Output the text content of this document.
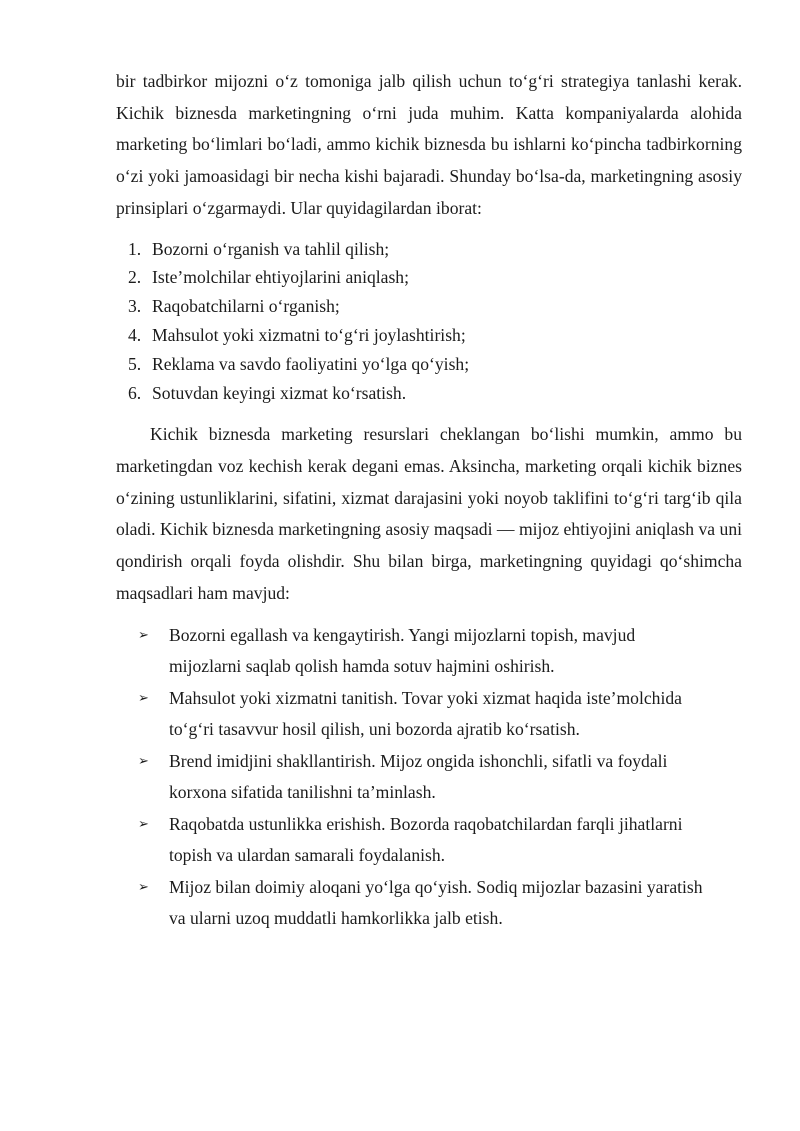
bir tadbirkor mijozni o‘z tomoniga jalb qilish uchun to‘g‘ri strategiya tanlashi kerak. Kichik biznesda marketingning o‘rni juda muhim. Katta kompaniyalarda alohida marketing bo‘limlari bo‘ladi, ammo kichik biznesda bu ishlarni ko‘pincha tadbirkorning o‘zi yoki jamoasidagi bir necha kishi bajaradi. Shunday bo‘lsa-da, marketingning asosiy prinsiplari o‘zgarmaydi. Ular quyidagilardan iborat:

1. Bozorni o‘rganish va tahlil qilish;
2. Iste’molchilar ehtiyojlarini aniqlash;
3. Raqobatchilarni o‘rganish;
4. Mahsulot yoki xizmatni to‘g‘ri joylashtirish;
5. Reklama va savdo faoliyatini yo‘lga qo‘yish;
6. Sotuvdan keyingi xizmat ko‘rsatish.

Kichik biznesda marketing resurslari cheklangan bo‘lishi mumkin, ammo bu marketingdan voz kechish kerak degani emas. Aksincha, marketing orqali kichik biznes o‘zining ustunliklarini, sifatini, xizmat darajasini yoki noyob taklifini to‘g‘ri targ‘ib qila oladi. Kichik biznesda marketingning asosiy maqsadi — mijoz ehtiyojini aniqlash va uni qondirish orqali foyda olishdir. Shu bilan birga, marketingning quyidagi qo‘shimcha maqsadlari ham mavjud:

➢	Bozorni egallash va kengaytirish. Yangi mijozlarni topish, mavjud
mijozlarni saqlab qolish hamda sotuv hajmini oshirish.
➢	Mahsulot yoki xizmatni tanitish. Tovar yoki xizmat haqida iste’molchida
to‘g‘ri tasavvur hosil qilish, uni bozorda ajratib ko‘rsatish.
➢	Brend imidjini shakllantirish. Mijoz ongida ishonchli, sifatli va foydali
korxona sifatida tanilishni ta’minlash.
➢	Raqobatda ustunlikka erishish. Bozorda raqobatchilardan farqli jihatlarni
topish va ulardan samarali foydalanish.
➢	Mijoz bilan doimiy aloqani yo‘lga qo‘yish. Sodiq mijozlar bazasini yaratish
va ularni uzoq muddatli hamkorlikka jalb etish.
